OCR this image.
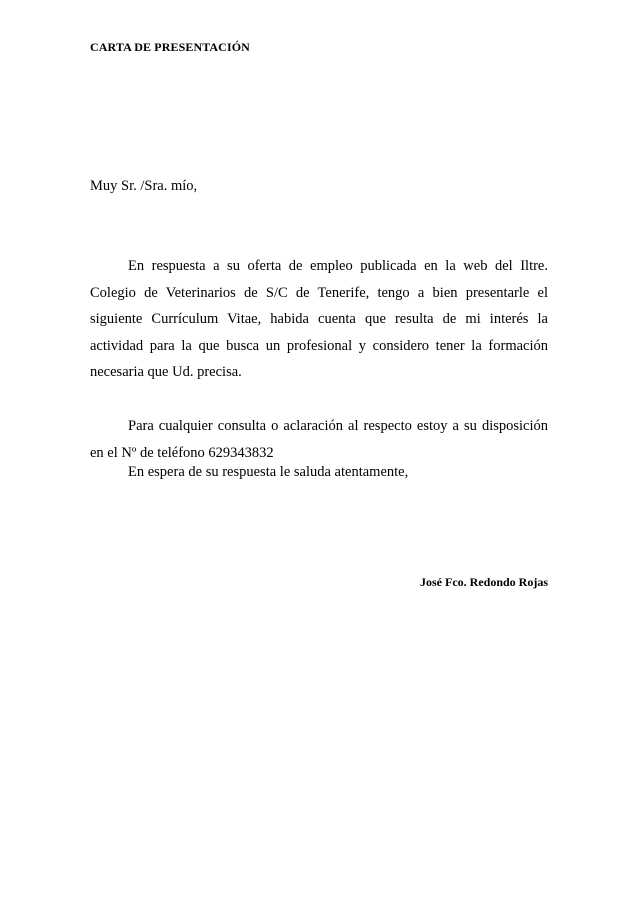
CARTA DE PRESENTACIÓN
Muy Sr. /Sra. mío,

En respuesta a su oferta de empleo publicada en la web del Iltre. Colegio de Veterinarios de S/C de Tenerife, tengo a bien presentarle el siguiente Currículum Vitae, habida cuenta que resulta de mi interés la actividad para la que busca un profesional y considero tener la formación necesaria que Ud. precisa.

Para cualquier consulta o aclaración al respecto estoy a su disposición en el Nº de teléfono 629343832

En espera de su respuesta le saluda atentamente,

José Fco. Redondo Rojas
